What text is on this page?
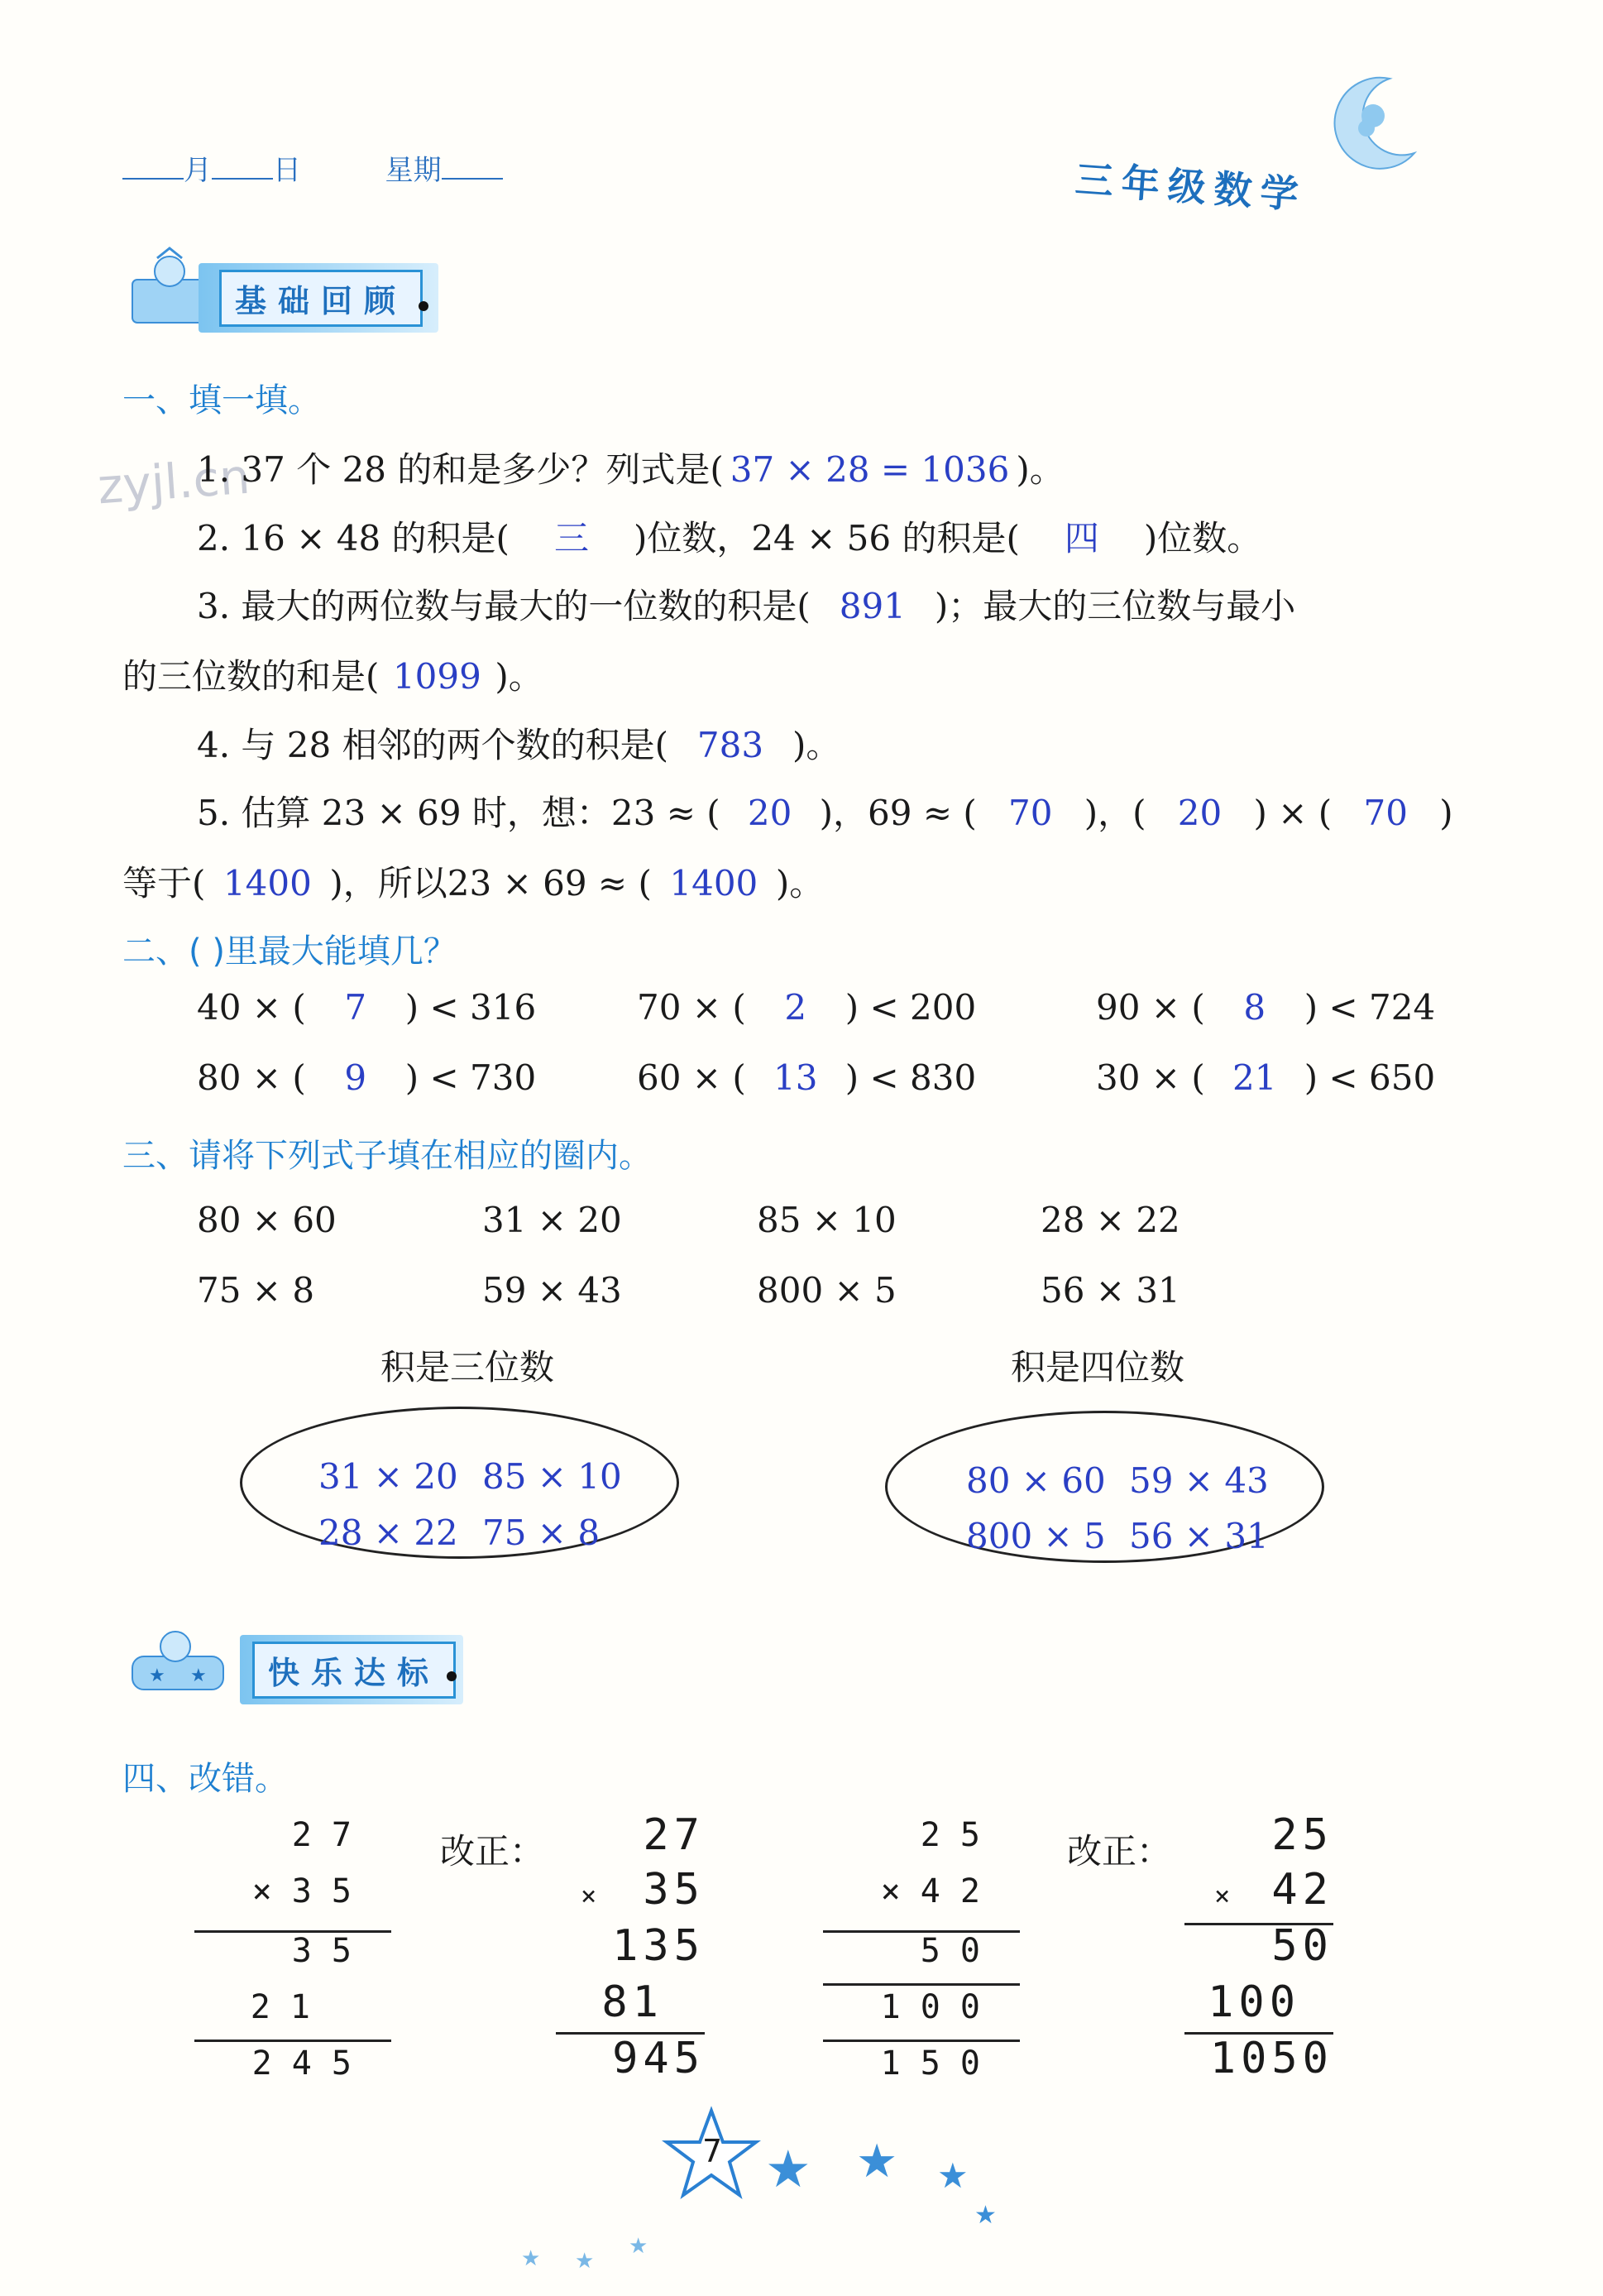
zyjl.cn
月 日	星期	三年级数学
基础回顾
一、填一填。
1. 37 个 28 的和是多少？列式是( 37 × 28 = 1036 )。
2. 16 × 48 的积是( 三 )位数，24 × 56 的积是( 四 )位数。
3. 最大的两位数与最大的一位数的积是( 891 )；最大的三位数与最小
的三位数的和是( 1099 )。
4. 与 28 相邻的两个数的积是( 783 )。
5. 估算 23 × 69 时，想：23 ≈ ( 20 )，69 ≈ ( 70 )，( 20 ) × ( 70 )
等于( 1400 )，所以23 × 69 ≈ ( 1400 )。
二、( )里最大能填几？
40 × ( 7 ) < 316	70 × ( 2 ) < 200	90 × ( 8 ) < 724
80 × ( 9 ) < 730	60 × ( 13 ) < 830	30 × ( 21 ) < 650
三、请将下列式子填在相应的圈内。
80 × 60	31 × 20	85 × 10	28 × 22
75 × 8	59 × 43	800 × 5	56 × 31
积是三位数	积是四位数
31 × 20 85 × 10
28 × 22 75 × 8
80 × 60 59 × 43
800 × 5 56 × 31
★ ★	快乐达标
四、改错。
2 7
× 3 5
3 5
2 1
2 4 5
改正： 27
× 35
135
81
945
2 5
× 4 2
5 0
1 0 0
1 5 0
改正： 25
× 42
50
100
1050
7 ★ ★ ★
★
★ ★
★
